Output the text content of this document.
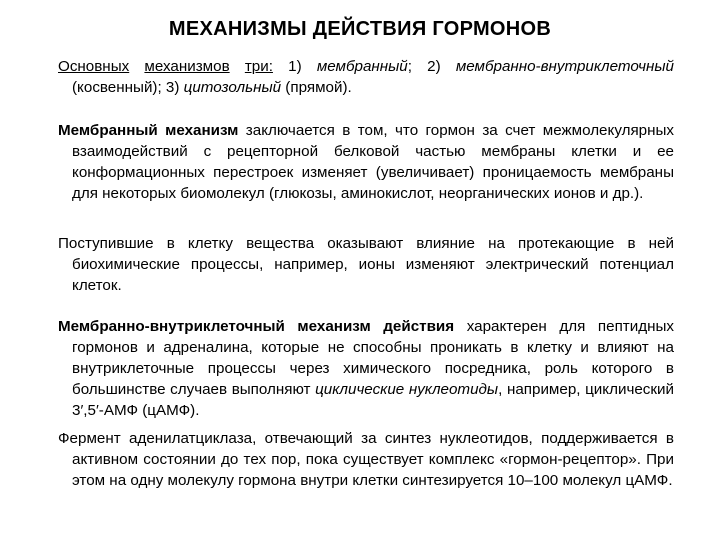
МЕХАНИЗМЫ ДЕЙСТВИЯ ГОРМОНОВ

Основных механизмов три: 1) мембранный; 2) мембранно-внутриклеточный (косвенный); 3) цитозольный (прямой).

Мембранный механизм заключается в том, что гормон за счет межмолекулярных взаимодействий с рецепторной белковой частью мембраны клетки и ее конформационных перестроек изменяет (увеличивает) проницаемость мембраны для некоторых биомолекул (глюкозы, аминокислот, неорганических ионов и др.).

Поступившие в клетку вещества оказывают влияние на протекающие в ней биохимические процессы, например, ионы изменяют электрический потенциал клеток.

Мембранно-внутриклеточный механизм действия характерен для пептидных гормонов и адреналина, которые не способны проникать в клетку и влияют на внутриклеточные процессы через химического посредника, роль которого в большинстве случаев выполняют циклические нуклеотиды, например, циклический 3′,5′-АМФ (цАМФ).

Фермент аденилатциклаза, отвечающий за синтез нуклеотидов, поддерживается в активном состоянии до тех пор, пока существует комплекс «гормон-рецептор». При этом на одну молекулу гормона внутри клетки синтезируется 10–100 молекул цАМФ.
